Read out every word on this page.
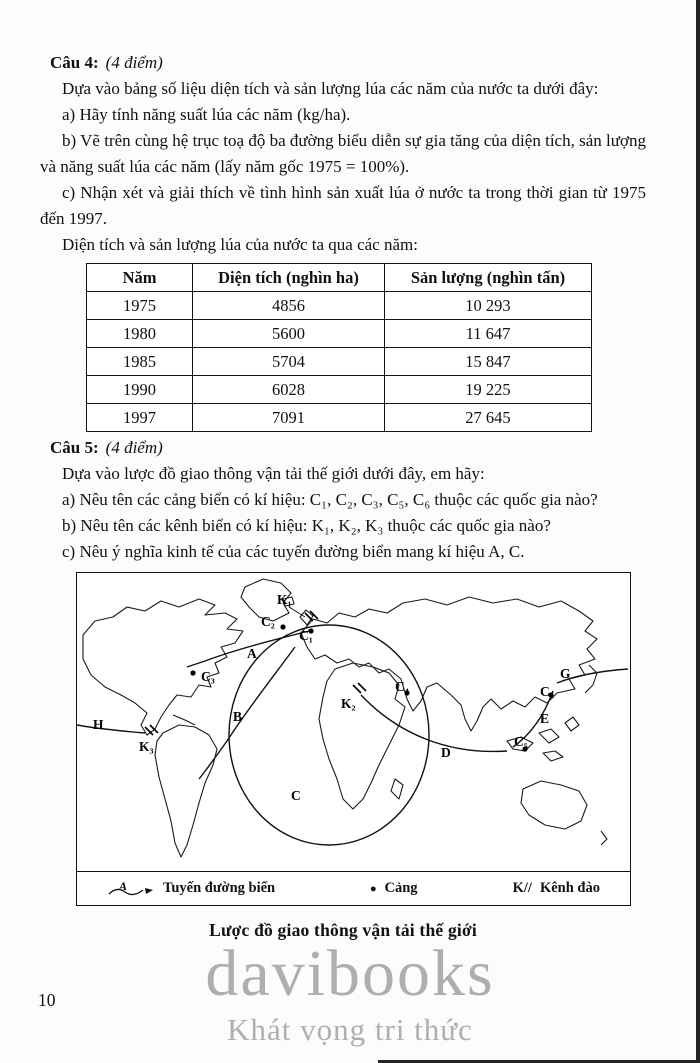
Câu 4: (4 điểm)

Dựa vào bảng số liệu diện tích và sản lượng lúa các năm của nước ta dưới đây:

a) Hãy tính năng suất lúa các năm (kg/ha).

b) Vẽ trên cùng hệ trục toạ độ ba đường biểu diễn sự gia tăng của diện tích, sản lượng và năng suất lúa các năm (lấy năm gốc 1975 = 100%).

c) Nhận xét và giải thích về tình hình sản xuất lúa ở nước ta trong thời gian từ 1975 đến 1997.

Diện tích và sản lượng lúa của nước ta qua các năm:

Năm	Diện tích (nghìn ha)	Sản lượng (nghìn tấn)
1975	4856	10 293
1980	5600	11 647
1985	5704	15 847
1990	6028	19 225
1997	7091	27 645

Câu 5: (4 điểm)

Dựa vào lược đồ giao thông vận tải thế giới dưới đây, em hãy:

a) Nêu tên các cảng biển có kí hiệu: C₁, C₂, C₃, C₅, C₆ thuộc các quốc gia nào?

b) Nêu tên các kênh biển có kí hiệu: K₁, K₂, K₃ thuộc các quốc gia nào?

c) Nêu ý nghĩa kinh tế của các tuyến đường biển mang kí hiệu A, C.

K₁
C₂
C₁
A
C₃
C₄
G
C₆
K₂
B	E
H
K₃	D
C₅
C
A Tuyến đường biển	• Cảng	K// Kênh đào
Lược đồ giao thông vận tải thế giới
davibooks
Khát vọng tri thức
10
